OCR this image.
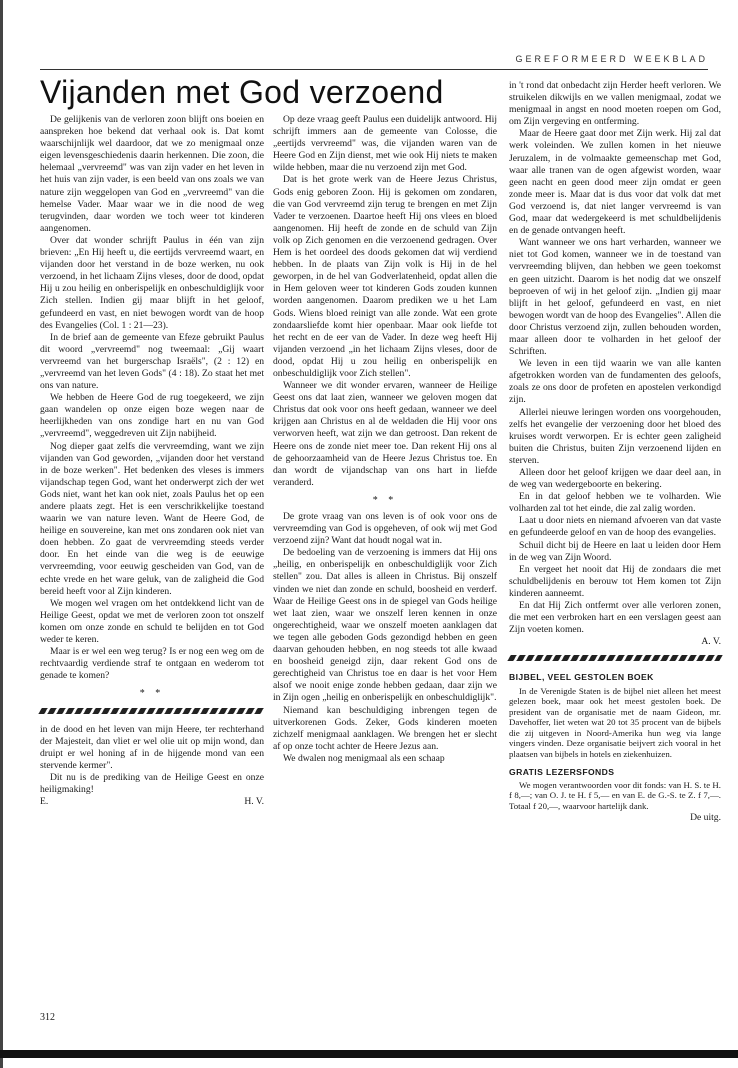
GEREFORMEERD WEEKBLAD
Vijanden met God verzoend

De gelijkenis van de verloren zoon blijft ons boeien en aanspreken hoe bekend dat verhaal ook is. Dat komt waarschijnlijk wel daardoor, dat we zo menigmaal onze eigen levensgeschiedenis daarin herkennen. Die zoon, die helemaal „vervreemd" was van zijn vader en het leven in het huis van zijn vader, is een beeld van ons zoals we van nature zijn weggelopen van God en „vervreemd" van die hemelse Vader. Maar waar we in die nood de weg terugvinden, daar worden we toch weer tot kinderen aangenomen.

Over dat wonder schrijft Paulus in één van zijn brieven: „En Hij heeft u, die eertijds vervreemd waart, en vijanden door het verstand in de boze werken, nu ook verzoend, in het lichaam Zijns vleses, door de dood, opdat Hij u zou heilig en onberispelijk en onbeschuldiglijk voor Zich stellen. Indien gij maar blijft in het geloof, gefundeerd en vast, en niet bewogen wordt van de hoop des Evangelies (Col. 1 : 21—23).

In de brief aan de gemeente van Efeze gebruikt Paulus dit woord „vervreemd" nog tweemaal: „Gij waart vervreemd van het burgerschap Israëls", (2 : 12) en „vervreemd van het leven Gods" (4 : 18). Zo staat het met ons van nature.

We hebben de Heere God de rug toegekeerd, we zijn gaan wandelen op onze eigen boze wegen naar de heerlijkheden van ons zondige hart en nu van God „vervreemd", weggedreven uit Zijn nabijheid.

Nog dieper gaat zelfs die vervreemding, want we zijn vijanden van God geworden, „vijanden door het verstand in de boze werken". Het bedenken des vleses is immers vijandschap tegen God, want het onderwerpt zich der wet Gods niet, want het kan ook niet, zoals Paulus het op een andere plaats zegt. Het is een verschrikkelijke toestand waarin we van nature leven. Want de Heere God, de heilige en souvereine, kan met ons zondaren ook niet van doen hebben. Zo gaat de vervreemding steeds verder door. En het einde van die weg is de eeuwige vervreemding, voor eeuwig gescheiden van God, van de echte vrede en het ware geluk, van de zaligheid die God bereid heeft voor al Zijn kinderen.

We mogen wel vragen om het ontdekkend licht van de Heilige Geest, opdat we met de verloren zoon tot onszelf komen om onze zonde en schuld te belijden en tot God weder te keren.

Maar is er wel een weg terug? Is er nog een weg om de rechtvaardig verdiende straf te ontgaan en wederom tot genade te komen?

* *

in de dood en het leven van mijn Heere, ter rechterhand der Majesteit, dan vliet er wel olie uit op mijn wond, dan druipt er wel honing af in de hijgende mond van een stervende kermer".

Dit nu is de prediking van de Heilige Geest en onze heiligmaking!

E.	H. V.

Op deze vraag geeft Paulus een duidelijk antwoord. Hij schrijft immers aan de gemeente van Colosse, die „eertijds vervreemd" was, die vijanden waren van de Heere God en Zijn dienst, met wie ook Hij niets te maken wilde hebben, maar die nu verzoend zijn met God.

Dat is het grote werk van de Heere Jezus Christus, Gods enig geboren Zoon. Hij is gekomen om zondaren, die van God vervreemd zijn terug te brengen en met Zijn Vader te verzoenen. Daartoe heeft Hij ons vlees en bloed aangenomen. Hij heeft de zonde en de schuld van Zijn volk op Zich genomen en die verzoenend gedragen. Over Hem is het oordeel des doods gekomen dat wij verdiend hebben. In de plaats van Zijn volk is Hij in de hel geworpen, in de hel van Godverlatenheid, opdat allen die in Hem geloven weer tot kinderen Gods zouden kunnen worden aangenomen. Daarom prediken we u het Lam Gods. Wiens bloed reinigt van alle zonde. Wat een grote zondaarsliefde komt hier openbaar. Maar ook liefde tot het recht en de eer van de Vader. In deze weg heeft Hij vijanden verzoend „in het lichaam Zijns vleses, door de dood, opdat Hij u zou heilig en onberispelijk en onbeschuldiglijk voor Zich stellen".

Wanneer we dit wonder ervaren, wanneer de Heilige Geest ons dat laat zien, wanneer we geloven mogen dat Christus dat ook voor ons heeft gedaan, wanneer we deel krijgen aan Christus en al de weldaden die Hij voor ons verworven heeft, wat zijn we dan getroost. Dan rekent de Heere ons de zonde niet meer toe. Dan rekent Hij ons al de gehoorzaamheid van de Heere Jezus Christus toe. En dan wordt de vijandschap van ons hart in liefde veranderd.

* *

De grote vraag van ons leven is of ook voor ons de vervreemding van God is opgeheven, of ook wij met God verzoend zijn? Want dat houdt nogal wat in.

De bedoeling van de verzoening is immers dat Hij ons „heilig, en onberispelijk en onbeschuldiglijk voor Zich stellen" zou. Dat alles is alleen in Christus. Bij onszelf vinden we niet dan zonde en schuld, boosheid en verderf. Waar de Heilige Geest ons in de spiegel van Gods heilige wet laat zien, waar we onszelf leren kennen in onze ongerechtigheid, waar we onszelf moeten aanklagen dat we tegen alle geboden Gods gezondigd hebben en geen daarvan gehouden hebben, en nog steeds tot alle kwaad en boosheid geneigd zijn, daar rekent God ons de gerechtigheid van Christus toe en daar is het voor Hem alsof we nooit enige zonde hebben gedaan, daar zijn we in Zijn ogen „heilig en onberispelijk en onbeschuldiglijk".

Niemand kan beschuldiging inbrengen tegen de uitverkorenen Gods. Zeker, Gods kinderen moeten zichzelf menigmaal aanklagen. We brengen het er slecht af op onze tocht achter de Heere Jezus aan.

We dwalen nog menigmaal als een schaap

in 't rond dat onbedacht zijn Herder heeft verloren. We struikelen dikwijls en we vallen menigmaal, zodat we menigmaal in angst en nood moeten roepen om God, om Zijn vergeving en ontferming.

Maar de Heere gaat door met Zijn werk. Hij zal dat werk voleinden. We zullen komen in het nieuwe Jeruzalem, in de volmaakte gemeenschap met God, waar alle tranen van de ogen afgewist worden, waar geen nacht en geen dood meer zijn omdat er geen zonde meer is. Maar dat is dus voor dat volk dat met God verzoend is, dat niet langer vervreemd is van God, maar dat wedergekeerd is met schuldbelijdenis en de genade ontvangen heeft.

Want wanneer we ons hart verharden, wanneer we niet tot God komen, wanneer we in de toestand van vervreemding blijven, dan hebben we geen toekomst en geen uitzicht. Daarom is het nodig dat we onszelf beproeven of wij in het geloof zijn. „Indien gij maar blijft in het geloof, gefundeerd en vast, en niet bewogen wordt van de hoop des Evangelies". Allen die door Christus verzoend zijn, zullen behouden worden, maar alleen door te volharden in het geloof der Schriften.

We leven in een tijd waarin we van alle kanten afgetrokken worden van de fundamenten des geloofs, zoals ze ons door de profeten en apostelen verkondigd zijn.

Allerlei nieuwe leringen worden ons voorgehouden, zelfs het evangelie der verzoening door het bloed des kruises wordt verworpen. Er is echter geen zaligheid buiten die Christus, buiten Zijn verzoenend lijden en sterven.

Alleen door het geloof krijgen we daar deel aan, in de weg van wedergeboorte en bekering.

En in dat geloof hebben we te volharden. Wie volharden zal tot het einde, die zal zalig worden.

Laat u door niets en niemand afvoeren van dat vaste en gefundeerde geloof en van de hoop des evangelies.

Schuil dicht bij de Heere en laat u leiden door Hem in de weg van Zijn Woord.

En vergeet het nooit dat Hij de zondaars die met schuldbelijdenis en berouw tot Hem komen tot Zijn kinderen aanneemt.

En dat Hij Zich ontfermt over alle verloren zonen, die met een verbroken hart en een verslagen geest aan Zijn voeten komen.

A. V.
BIJBEL, VEEL GESTOLEN BOEK

In de Verenigde Staten is de bijbel niet alleen het meest gelezen boek, maar ook het meest gestolen boek. De president van de organisatie met de naam Gideon, mr. Davehoffer, liet weten wat 20 tot 35 procent van de bijbels die zij uitgeven in Noord-Amerika hun weg via lange vingers vinden. Deze organisatie beijvert zich vooral in het plaatsen van bijbels in hotels en ziekenhuizen.

GRATIS LEZERSFONDS

We mogen verantwoorden voor dit fonds: van H. S. te H. f 8,—; van O. J. te H. f 5,— en van E. de G.-S. te Z. f 7,—. Totaal f 20,—, waarvoor hartelijk dank.

De uitg.
312
